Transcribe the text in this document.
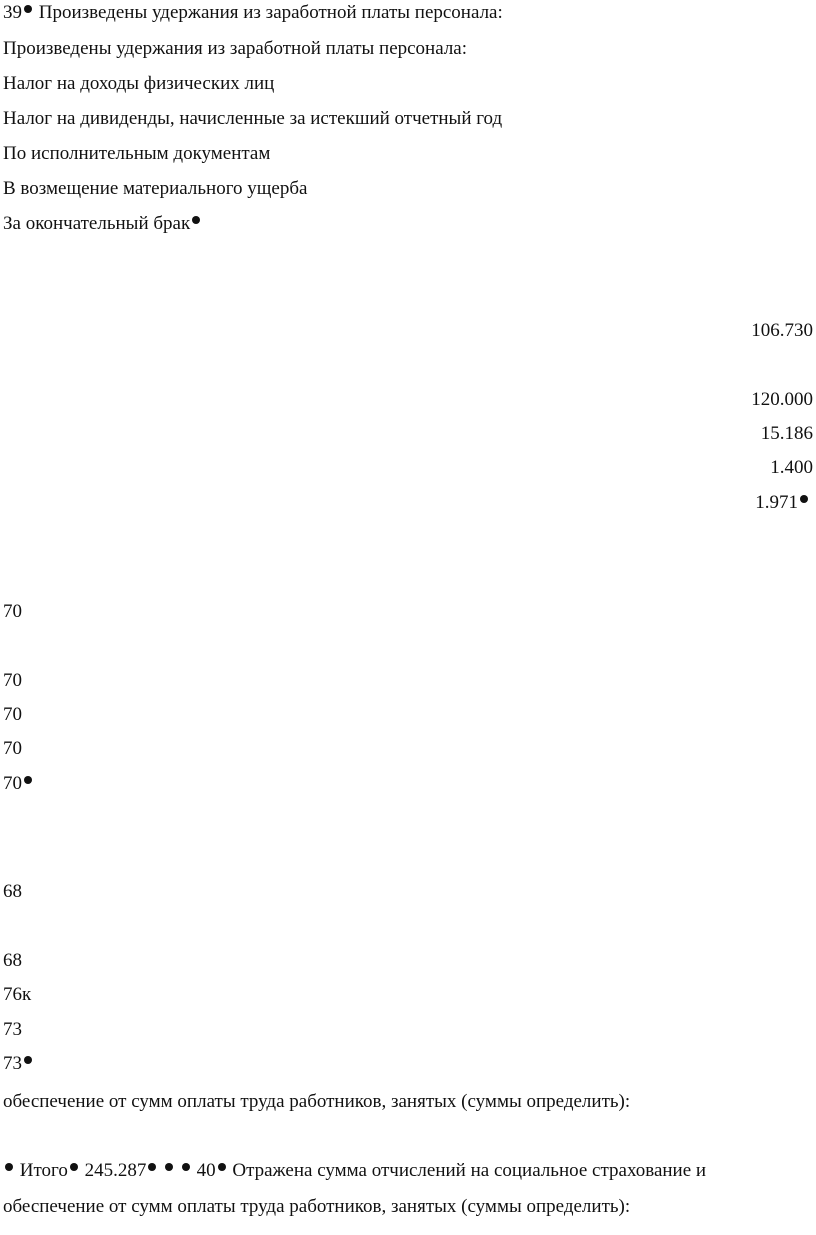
39 Произведены удержания из заработной платы персонала:
Произведены удержания из заработной платы персонала:
Налог на доходы физических лиц
Налог на дивиденды, начисленные за истекший отчетный год
По исполнительным документам
В возмещение материального ущерба
За окончательный брак
106.730
120.000
15.186
1.400
1.971
70
70
70
70
70
68
68
76к
73
73
обеспечение от сумм оплаты труда работников, занятых (суммы определить):
Итого 245.287	40 Отражена сумма отчислений на социальное страхование и
обеспечение от сумм оплаты труда работников, занятых (суммы определить):
